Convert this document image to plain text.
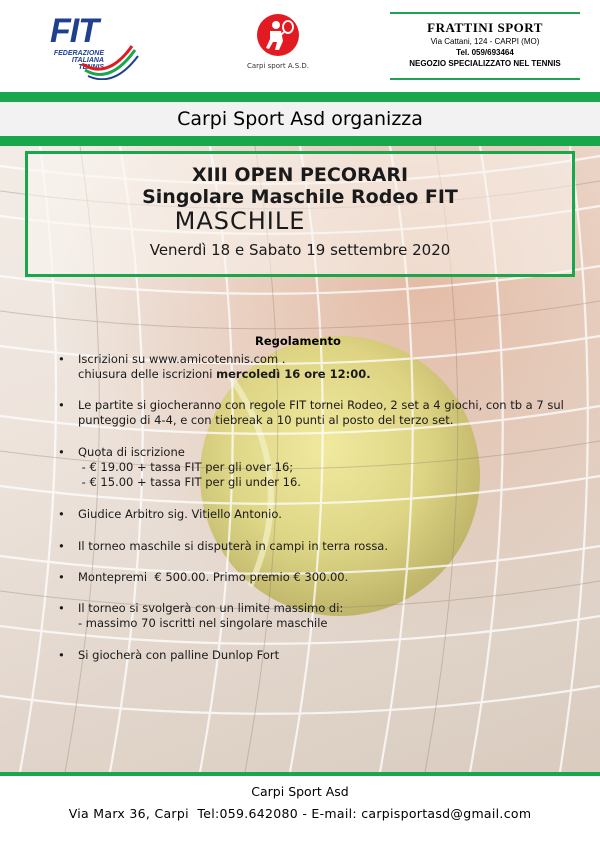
FIT
FEDERAZIONE
ITALIANA
TENNIS	Carpi sport A.S.D.
FRATTINI SPORT
Via Cattani, 124 - CARPI (MO)
Tel. 059/693464
NEGOZIO SPECIALIZZATO NEL TENNIS
Carpi Sport Asd organizza
XIII OPEN PECORARI
Singolare Maschile Rodeo FIT
MASCHILE
Venerdì 18 e Sabato 19 settembre 2020
Regolamento
•	Iscrizioni su www.amicotennis.com .
chiusura delle iscrizioni mercoledì 16 ore 12:00.
•	Le partite si giocheranno con regole FIT tornei Rodeo, 2 set a 4 giochi, con tb a 7 sul punteggio di 4-4, e con tiebreak a 10 punti al posto del terzo set.
•	Quota di iscrizione
- € 19.00 + tassa FIT per gli over 16;
- € 15.00 + tassa FIT per gli under 16.
•	Giudice Arbitro sig. Vitiello Antonio.
•	Il torneo maschile si disputerà in campi in terra rossa.
•	Montepremi  € 500.00. Primo premio € 300.00.
•	Il torneo si svolgerà con un limite massimo di:
- massimo 70 iscritti nel singolare maschile
•	Si giocherà con palline Dunlop Fort
Carpi Sport Asd
Via Marx 36, Carpi  Tel:059.642080 - E-mail: carpisportasd@gmail.com
